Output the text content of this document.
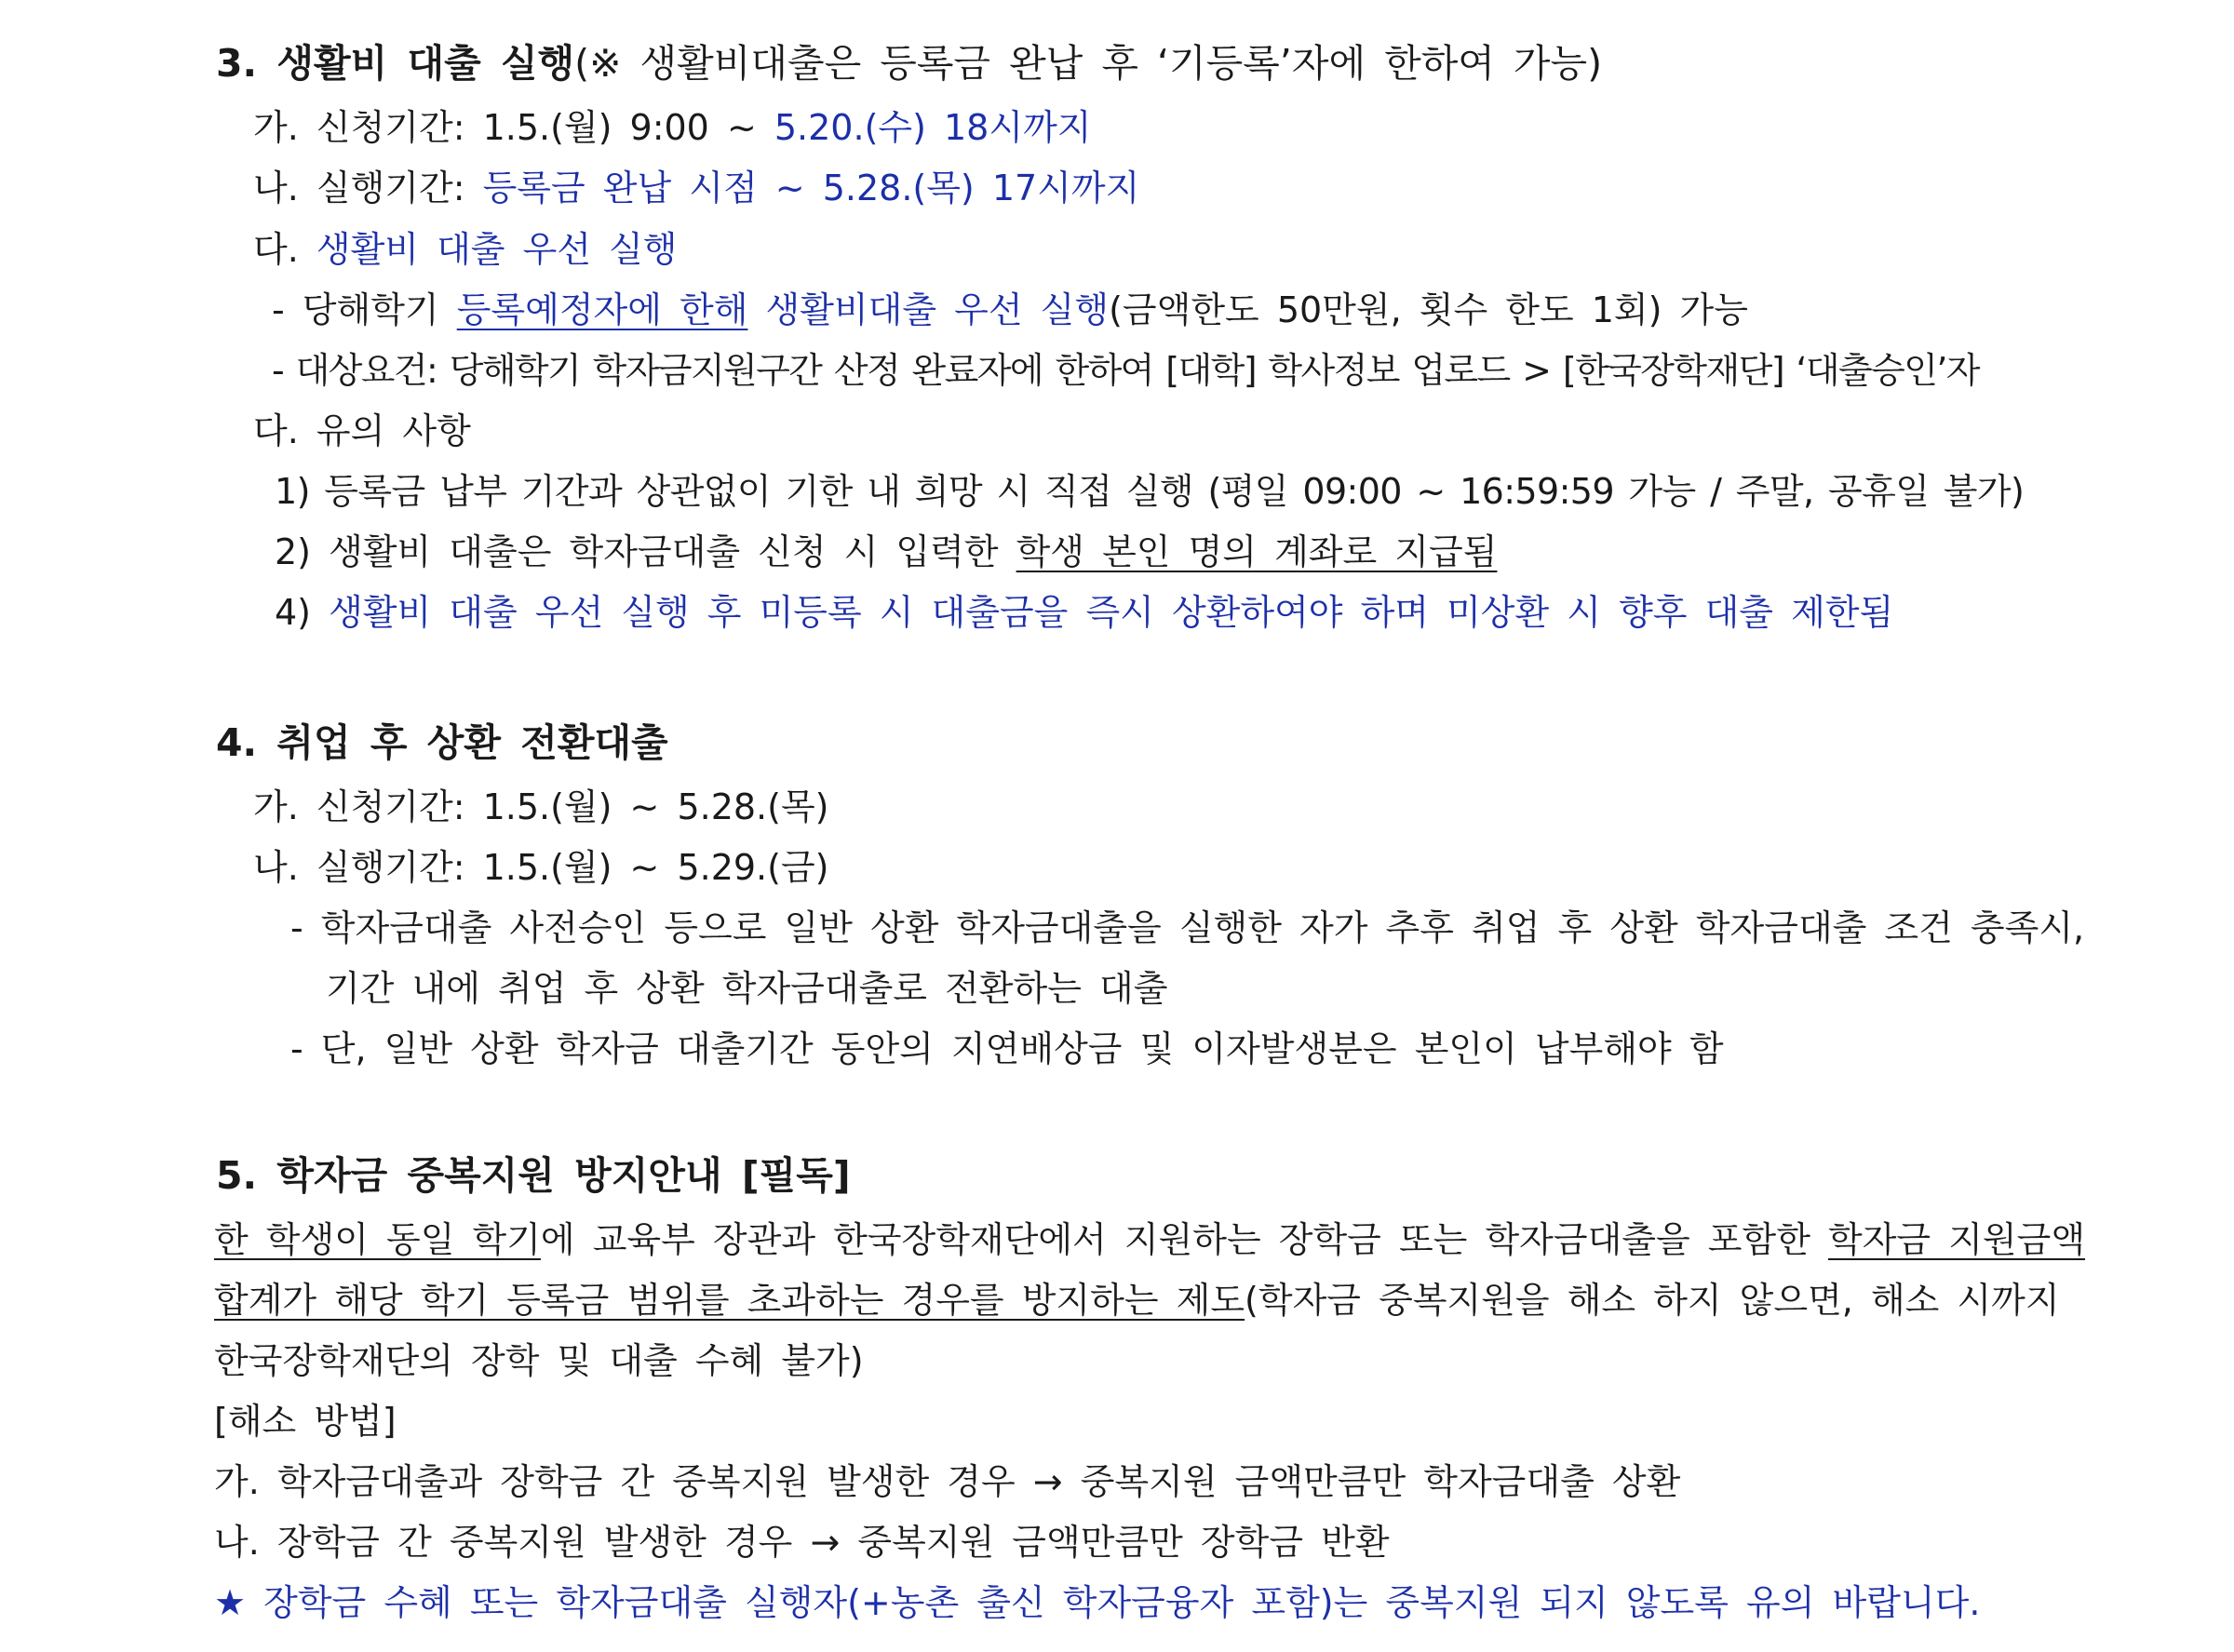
3. 생활비 대출 실행(※ 생활비대출은 등록금 완납 후 ‘기등록’자에 한하여 가능)
가. 신청기간: 1.5.(월) 9:00 ~ 5.20.(수) 18시까지
나. 실행기간: 등록금 완납 시점 ~ 5.28.(목) 17시까지
다. 생활비 대출 우선 실행
- 당해학기 등록예정자에 한해 생활비대출 우선 실행(금액한도 50만원, 횟수 한도 1회) 가능
- 대상요건: 당해학기 학자금지원구간 산정 완료자에 한하여 [대학] 학사정보 업로드 > [한국장학재단] ‘대출승인’자
다. 유의 사항
1) 등록금 납부 기간과 상관없이 기한 내 희망 시 직접 실행 (평일 09:00 ~ 16:59:59 가능 / 주말, 공휴일 불가)
2) 생활비 대출은 학자금대출 신청 시 입력한 학생 본인 명의 계좌로 지급됨
4) 생활비 대출 우선 실행 후 미등록 시 대출금을 즉시 상환하여야 하며 미상환 시 향후 대출 제한됨
4. 취업 후 상환 전환대출
가. 신청기간: 1.5.(월) ~ 5.28.(목)
나. 실행기간: 1.5.(월) ~ 5.29.(금)
- 학자금대출 사전승인 등으로 일반 상환 학자금대출을 실행한 자가 추후 취업 후 상환 학자금대출 조건 충족시,
기간 내에 취업 후 상환 학자금대출로 전환하는 대출
- 단, 일반 상환 학자금 대출기간 동안의 지연배상금 및 이자발생분은 본인이 납부해야 함
5. 학자금 중복지원 방지안내 [필독]
한 학생이 동일 학기에 교육부 장관과 한국장학재단에서 지원하는 장학금 또는 학자금대출을 포함한 학자금 지원금액
합계가 해당 학기 등록금 범위를 초과하는 경우를 방지하는 제도(학자금 중복지원을 해소 하지 않으면, 해소 시까지
한국장학재단의 장학 및 대출 수혜 불가)
[해소 방법]
가. 학자금대출과 장학금 간 중복지원 발생한 경우 → 중복지원 금액만큼만 학자금대출 상환
나. 장학금 간 중복지원 발생한 경우 → 중복지원 금액만큼만 장학금 반환
★ 장학금 수혜 또는 학자금대출 실행자(+농촌 출신 학자금융자 포함)는 중복지원 되지 않도록 유의 바랍니다.
